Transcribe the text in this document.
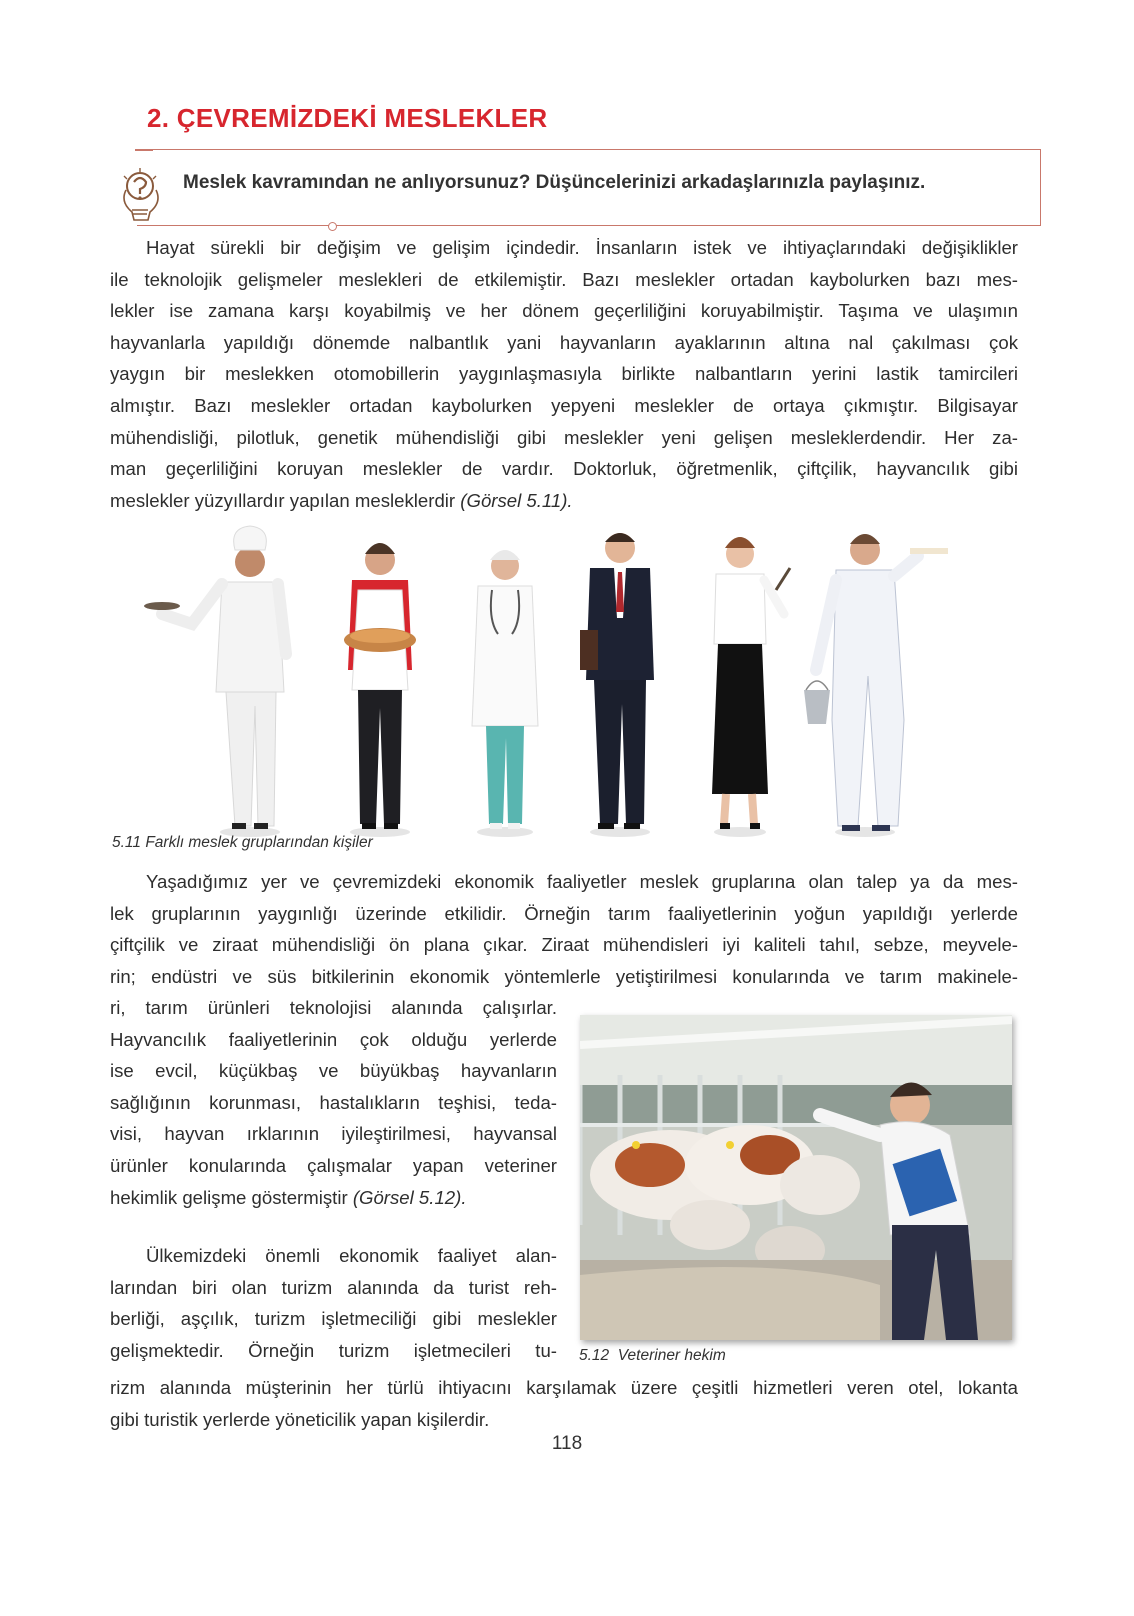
2. ÇEVREMİZDEKİ MESLEKLER
Meslek kavramından ne anlıyorsunuz? Düşüncelerinizi arkadaşlarınızla paylaşınız.
Hayat sürekli bir değişim ve gelişim içindedir. İnsanların istek ve ihtiyaçlarındaki değişiklikler
ile teknolojik gelişmeler meslekleri de etkilemiştir. Bazı meslekler ortadan kaybolurken bazı mes-
lekler ise zamana karşı koyabilmiş ve her dönem geçerliliğini koruyabilmiştir. Taşıma ve ulaşımın
hayvanlarla yapıldığı dönemde nalbantlık yani hayvanların ayaklarının altına nal çakılması çok
yaygın bir meslekken otomobillerin yaygınlaşmasıyla birlikte nalbantların yerini lastik tamircileri
almıştır. Bazı meslekler ortadan kaybolurken yepyeni meslekler de ortaya çıkmıştır. Bilgisayar
mühendisliği, pilotluk, genetik mühendisliği gibi meslekler yeni gelişen mesleklerdendir. Her za-
man geçerliliğini koruyan meslekler de vardır. Doktorluk, öğretmenlik, çiftçilik, hayvancılık gibi
meslekler yüzyıllardır yapılan mesleklerdir (Görsel 5.11).
5.11 Farklı meslek gruplarından kişiler
Yaşadığımız yer ve çevremizdeki ekonomik faaliyetler meslek gruplarına olan talep ya da mes-
lek gruplarının yaygınlığı üzerinde etkilidir. Örneğin tarım faaliyetlerinin yoğun yapıldığı yerlerde
çiftçilik ve ziraat mühendisliği ön plana çıkar. Ziraat mühendisleri iyi kaliteli tahıl, sebze, meyvele-
rin; endüstri ve süs bitkilerinin ekonomik yöntemlerle yetiştirilmesi konularında ve tarım makinele-
ri, tarım ürünleri teknolojisi alanında çalışırlar.
Hayvancılık faaliyetlerinin çok olduğu yerlerde
ise evcil, küçükbaş ve büyükbaş hayvanların
sağlığının korunması, hastalıkların teşhisi, teda-
visi, hayvan ırklarının iyileştirilmesi, hayvansal
ürünler konularında çalışmalar yapan veteriner
hekimlik gelişme göstermiştir (Görsel 5.12).
5.12  Veteriner hekim
Ülkemizdeki önemli ekonomik faaliyet alan-
larından biri olan turizm alanında da turist reh-
berliği, aşçılık, turizm işletmeciliği gibi meslekler
gelişmektedir. Örneğin turizm işletmecileri tu-
rizm alanında müşterinin her türlü ihtiyacını karşılamak üzere çeşitli hizmetleri veren otel, lokanta
gibi turistik yerlerde yöneticilik yapan kişilerdir.
118
